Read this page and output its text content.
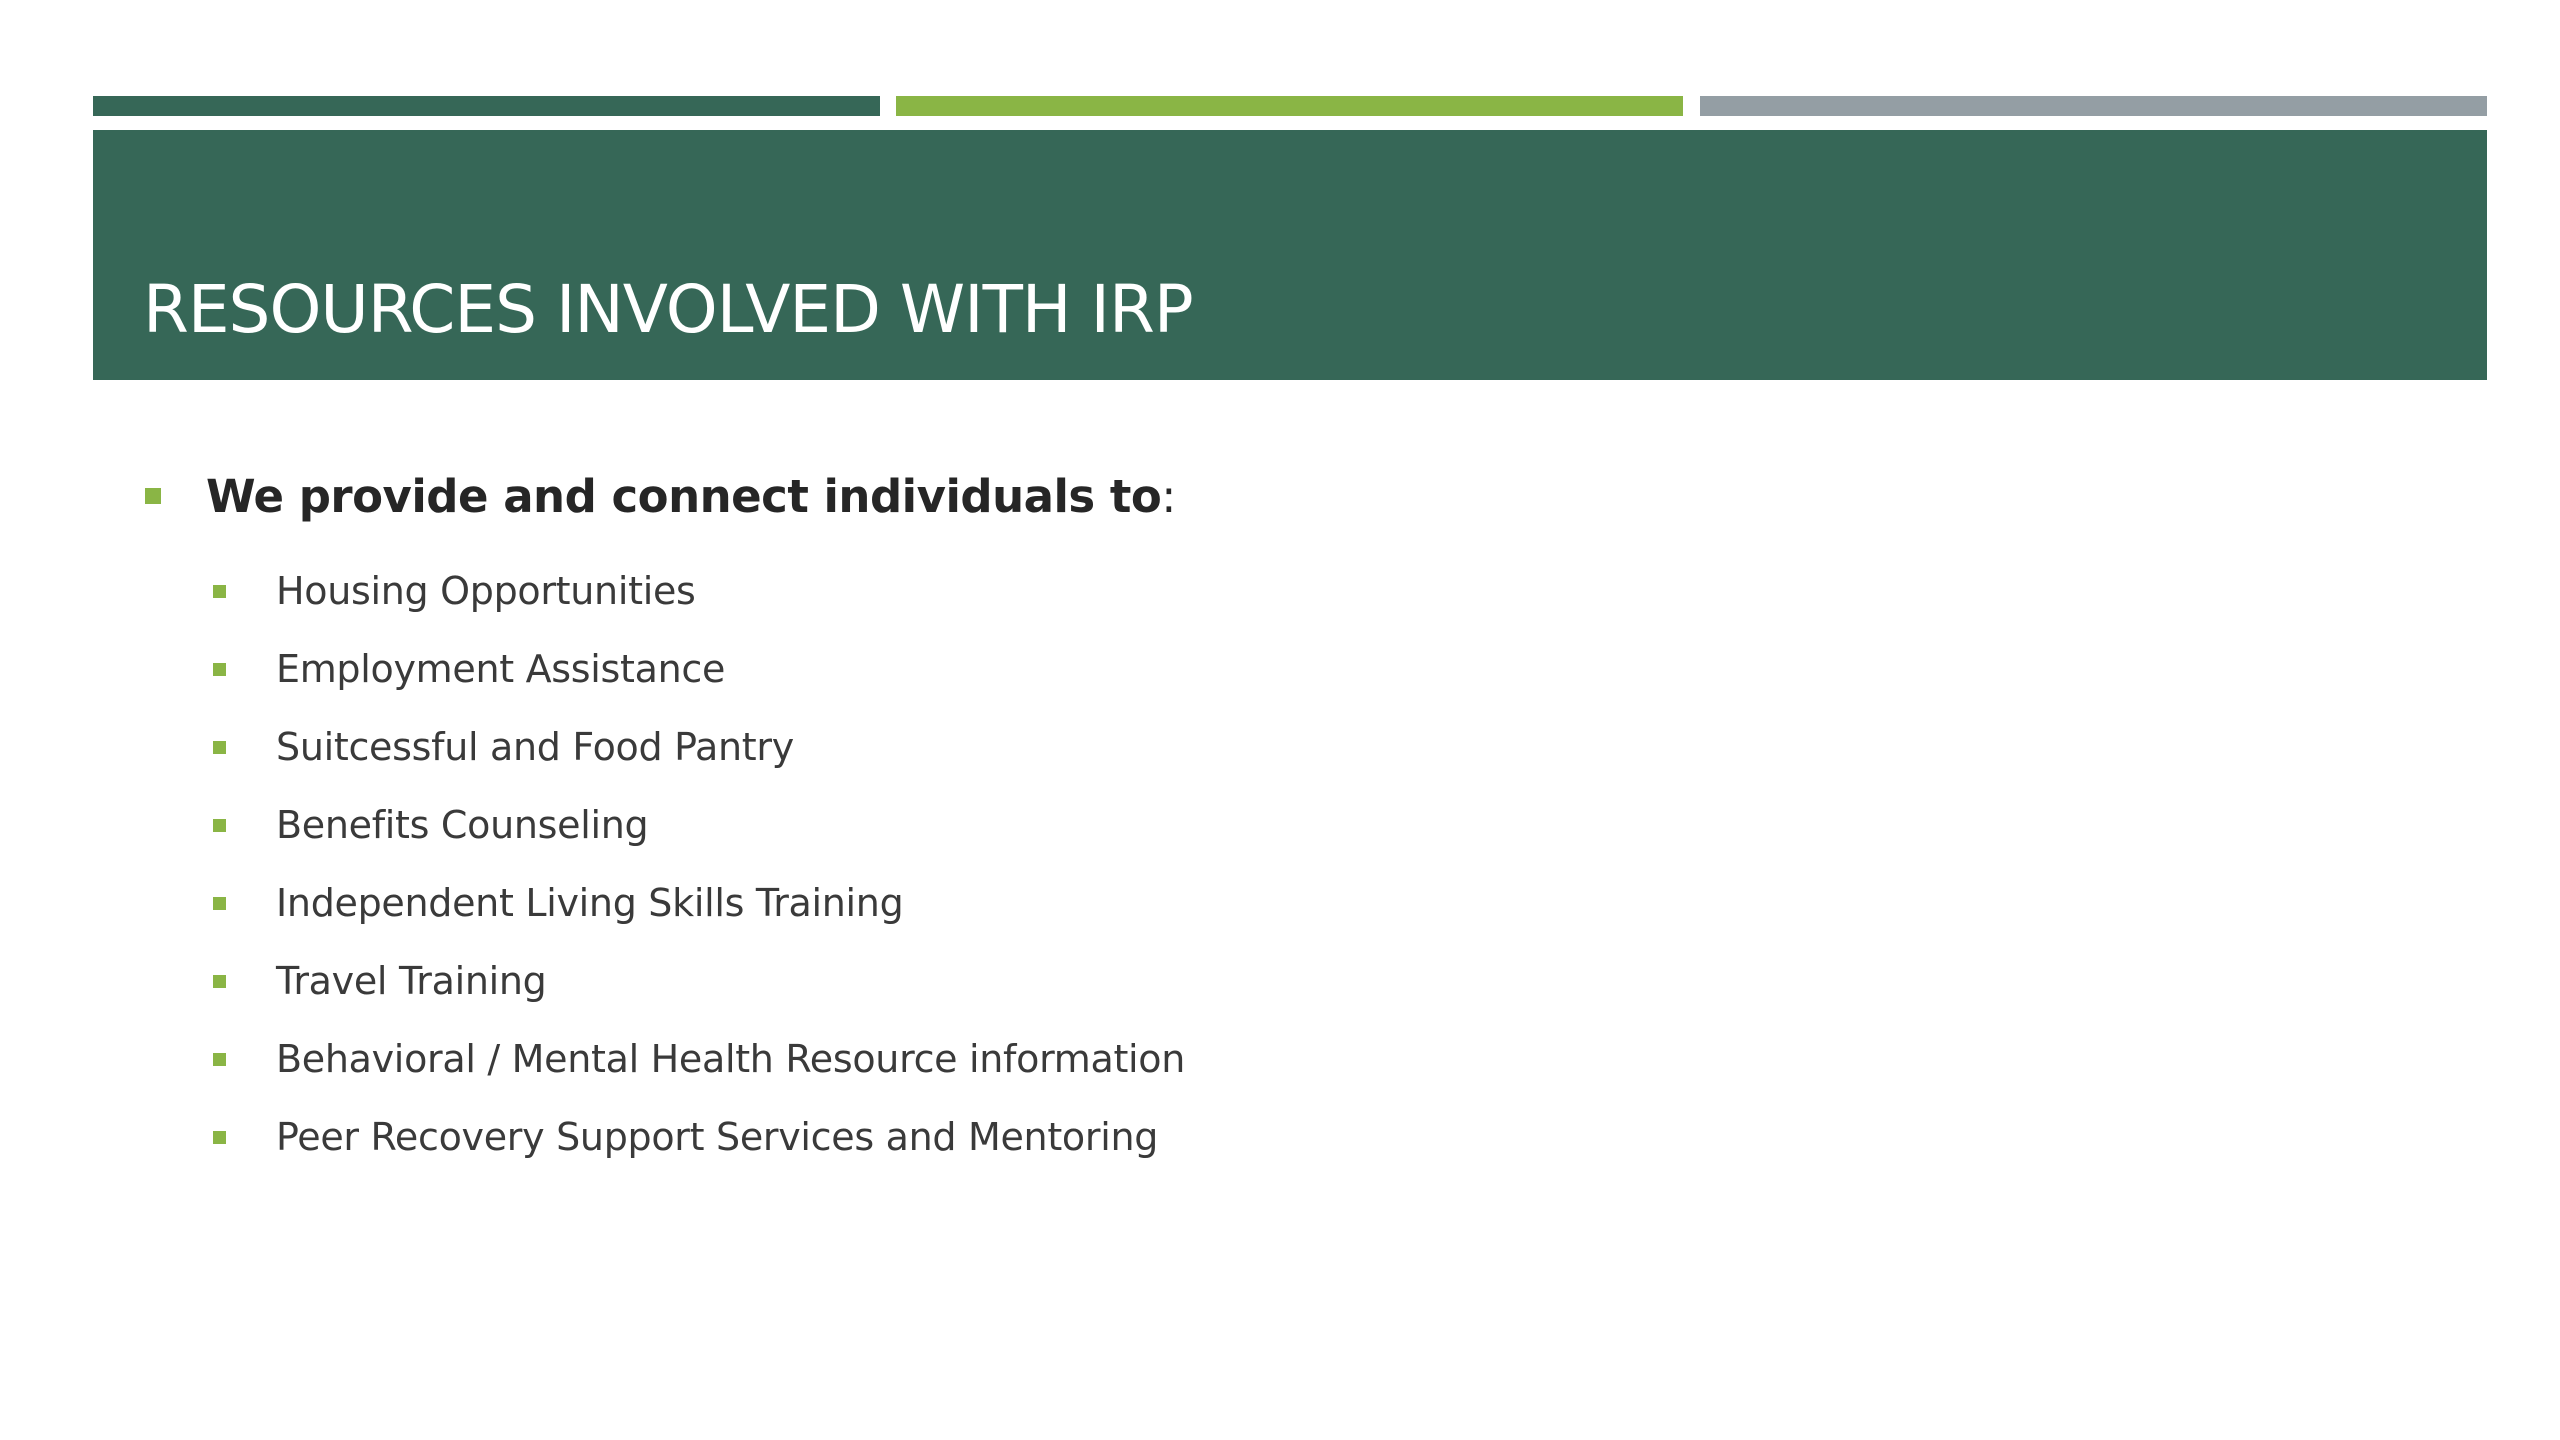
RESOURCES INVOLVED WITH IRP
We provide and connect individuals to:
Housing Opportunities
Employment Assistance
Suitcessful and Food Pantry
Benefits Counseling
Independent Living Skills Training
Travel Training
Behavioral / Mental Health Resource information
Peer Recovery Support Services and Mentoring
